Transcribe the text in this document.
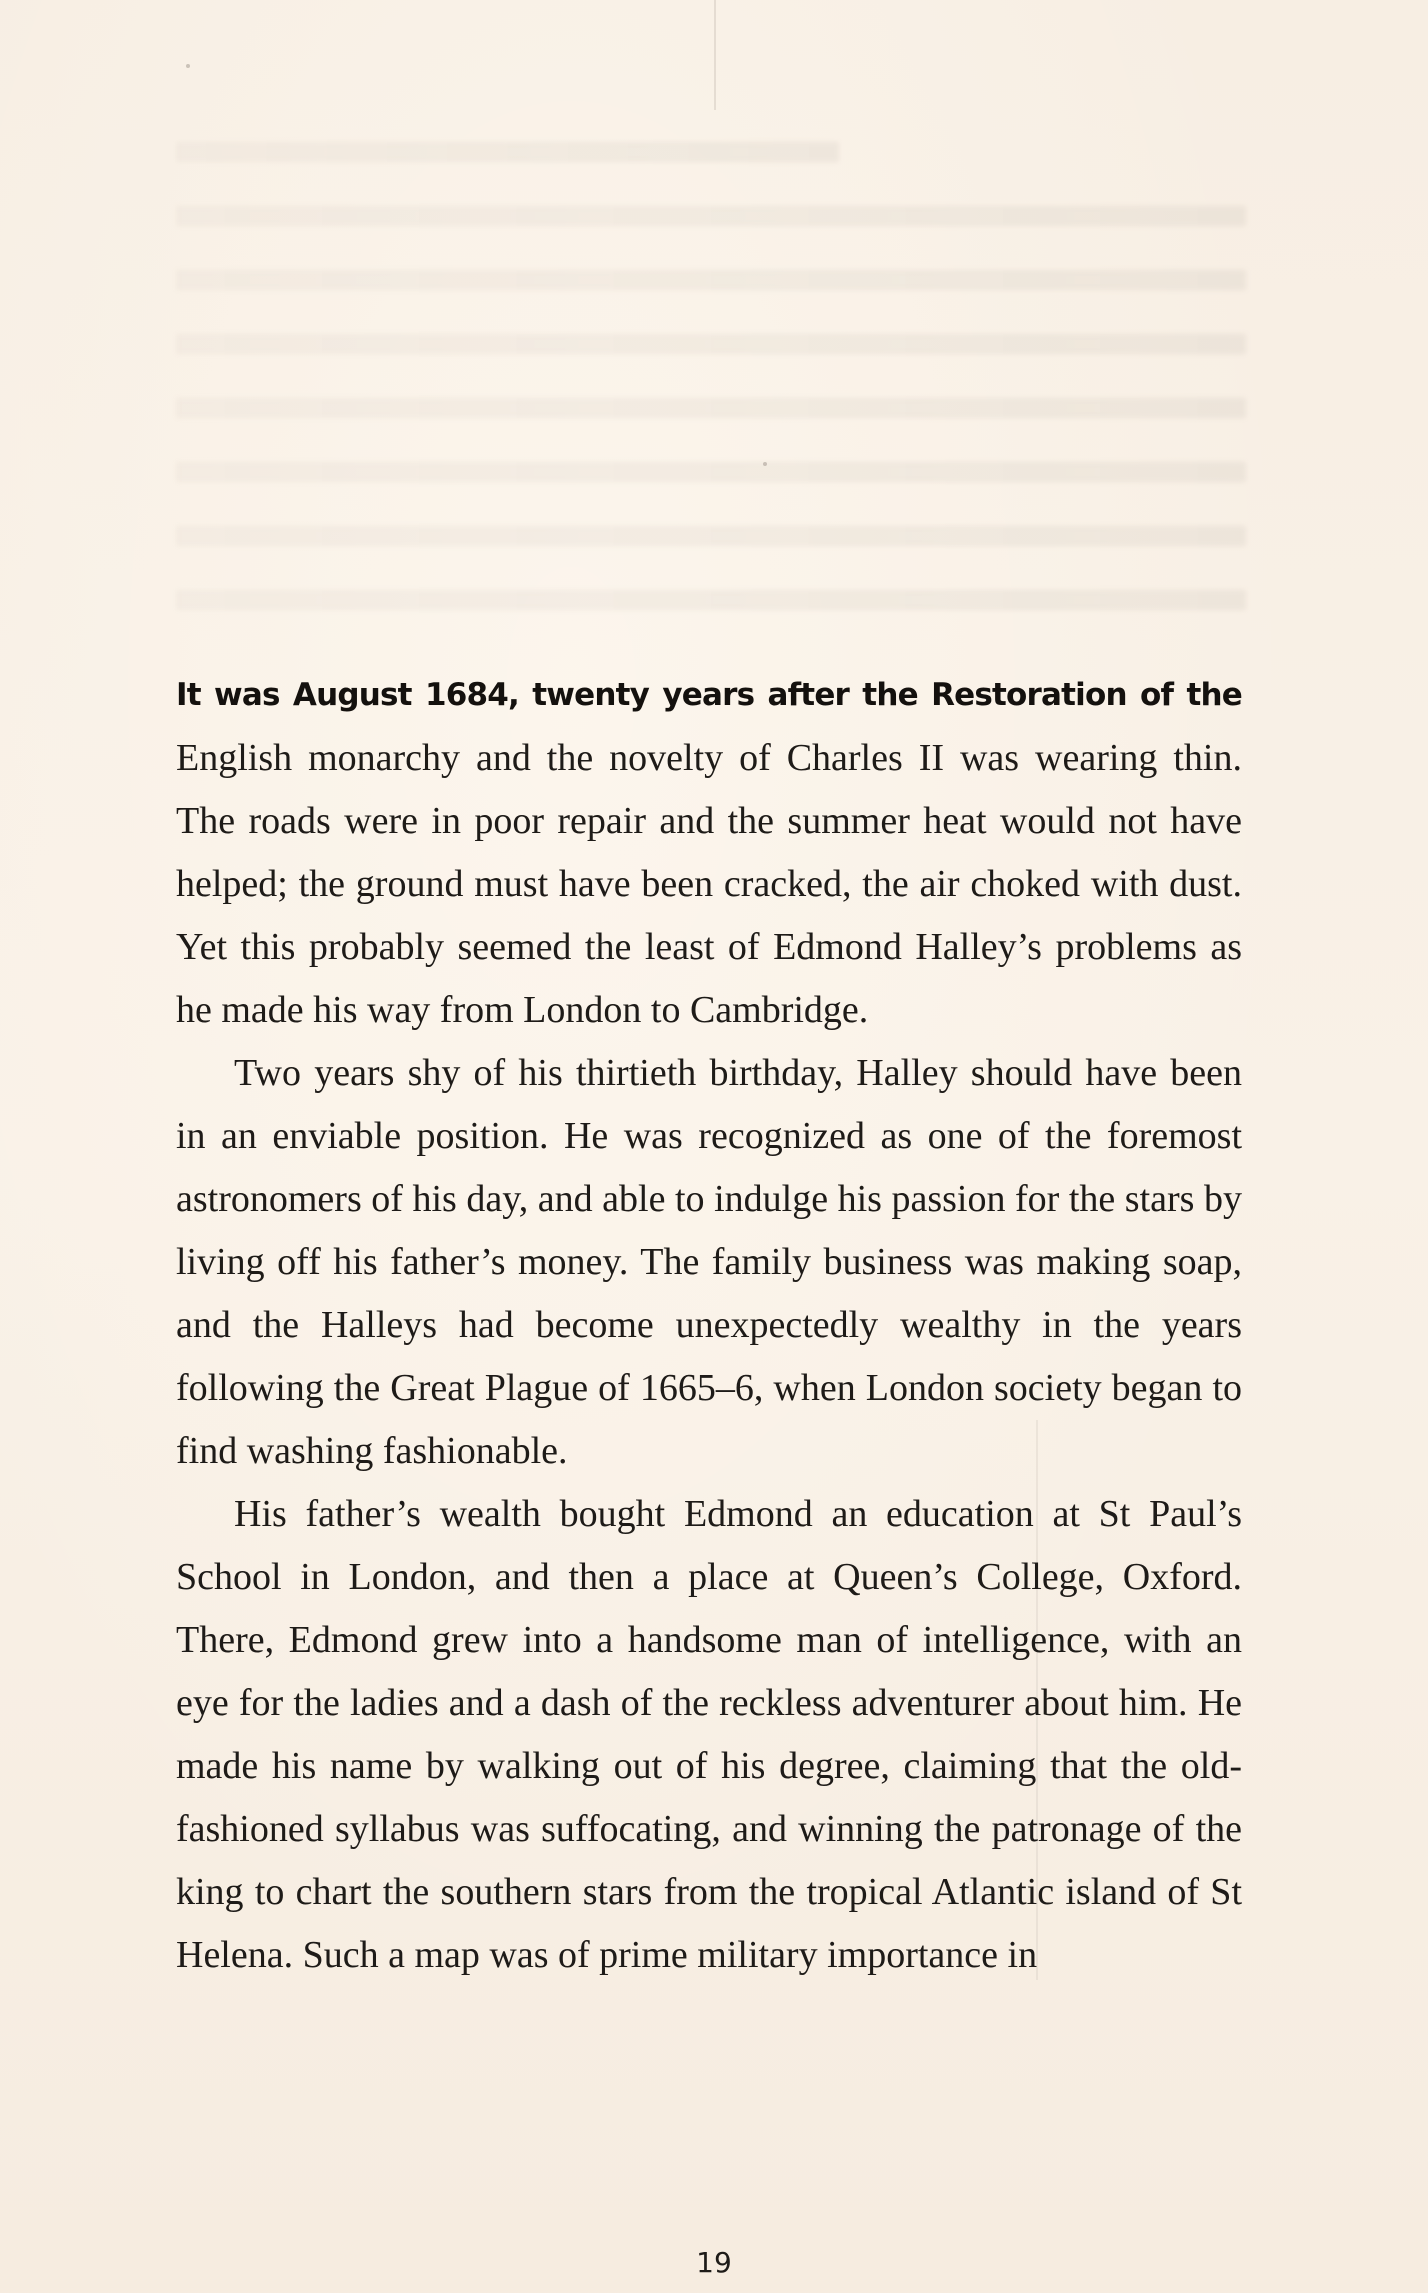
It was August 1684, twenty years after the Restoration of the English monarchy and the novelty of Charles II was wearing thin. The roads were in poor repair and the summer heat would not have helped; the ground must have been cracked, the air choked with dust. Yet this probably seemed the least of Edmond Halley’s problems as he made his way from London to Cambridge.

Two years shy of his thirtieth birthday, Halley should have been in an enviable position. He was recognized as one of the foremost astronomers of his day, and able to indulge his passion for the stars by living off his father’s money. The family business was making soap, and the Halleys had become unexpectedly wealthy in the years following the Great Plague of 1665–6, when London society began to find washing fashionable.

His father’s wealth bought Edmond an education at St Paul’s School in London, and then a place at Queen’s College, Oxford. There, Edmond grew into a handsome man of intelligence, with an eye for the ladies and a dash of the reckless adventurer about him. He made his name by walking out of his degree, claiming that the old-fashioned syllabus was suffocating, and winning the patronage of the king to chart the southern stars from the tropical Atlantic island of St Helena. Such a map was of prime military importance in

19
